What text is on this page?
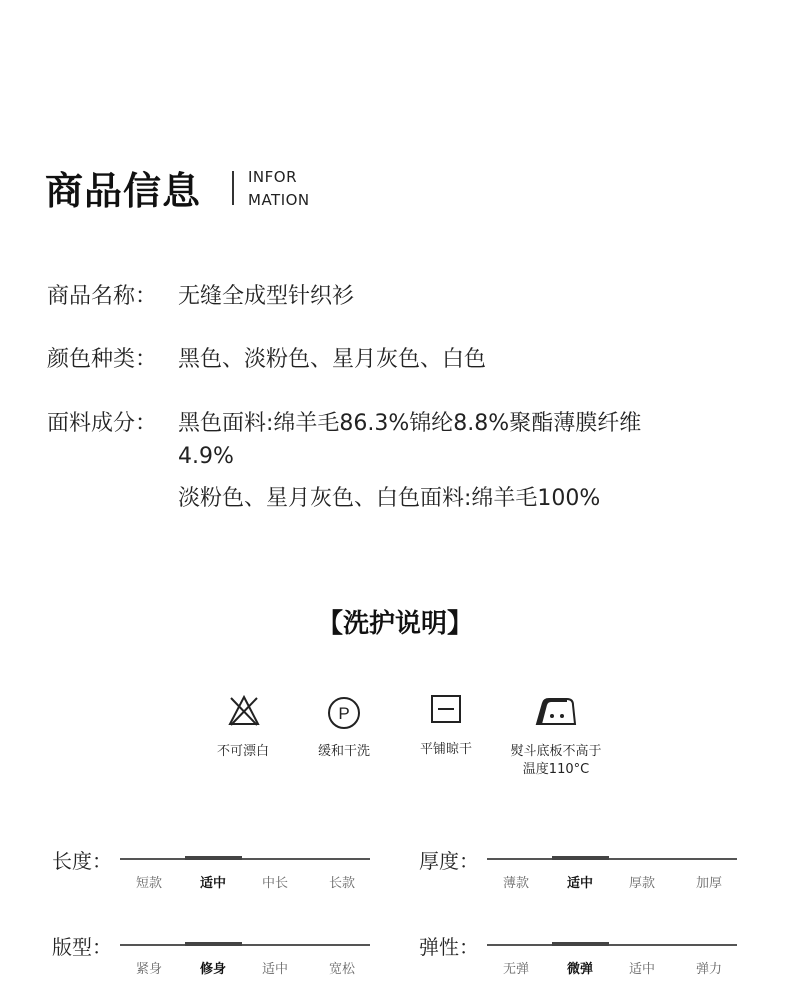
商品信息	INFOR
MATION
商品名称： 无缝全成型针织衫
颜色种类： 黑色、淡粉色、星月灰色、白色
面料成分： 黑色面料:绵羊毛86.3%锦纶8.8%聚酯薄膜纤维
4.9%
淡粉色、星月灰色、白色面料:绵羊毛100%
【洗护说明】
不可漂白
P
缓和干洗	平铺晾干	熨斗底板不高于
温度110°C
长度：
短款	适中	中长	长款
厚度：
薄款	适中	厚款	加厚
版型：
紧身	修身	适中	宽松
弹性：
无弹	微弹	适中	弹力
